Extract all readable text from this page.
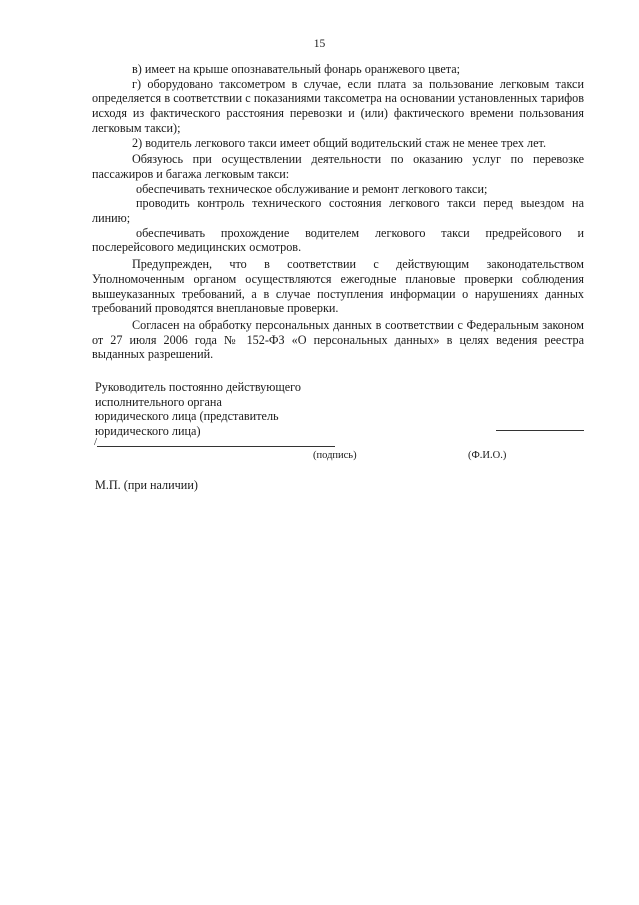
15

в) имеет на крыше опознавательный фонарь оранжевого цвета;

г) оборудовано таксометром в случае, если плата за пользование легковым такси определяется в соответствии с показаниями таксометра на основании установленных тарифов исходя из фактического расстояния перевозки и (или) фактического времени пользования легковым такси);

2) водитель легкового такси имеет общий водительский стаж не менее трех лет.

Обязуюсь при осуществлении деятельности по оказанию услуг по перевозке пассажиров и багажа легковым такси:

обеспечивать техническое обслуживание и ремонт легкового такси;

проводить контроль технического состояния легкового такси перед выездом на линию;

обеспечивать прохождение водителем легкового такси предрейсового и послерейсового медицинских осмотров.

Предупрежден, что в соответствии с действующим законодательством Уполномоченным органом осуществляются ежегодные плановые проверки соблюдения вышеуказанных требований, а в случае поступления информации о нарушениях данных требований проводятся внеплановые проверки.

Согласен на обработку персональных данных в соответствии с Федеральным законом от 27 июля 2006 года № 152-ФЗ «О персональных данных» в целях ведения реестра выданных разрешений.

Руководитель постоянно действующего
исполнительного органа
юридического лица (представитель
юридического лица)
/
(подпись)	(Ф.И.О.)
М.П. (при наличии)
